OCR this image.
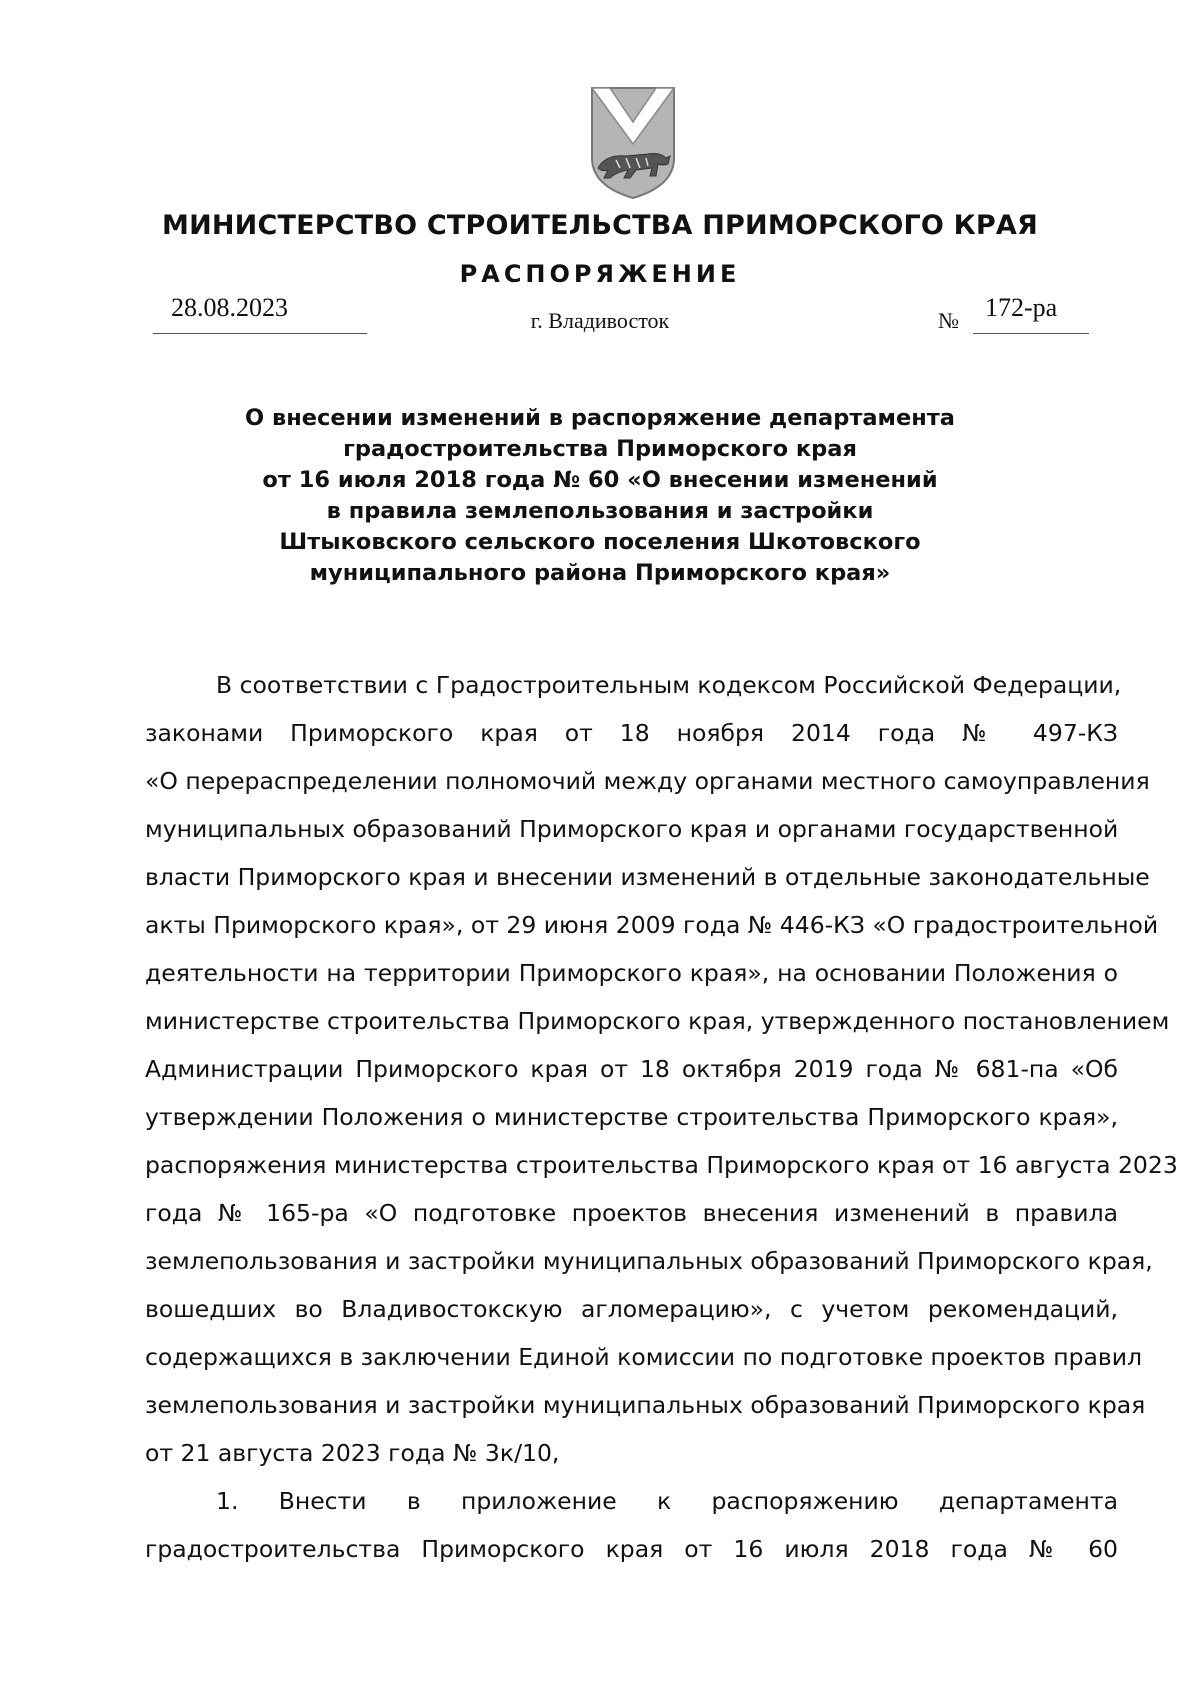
МИНИСТЕРСТВО СТРОИТЕЛЬСТВА ПРИМОРСКОГО КРАЯ
РАСПОРЯЖЕНИЕ
28.08.2023	г. Владивосток	№ 172-ра
О внесении изменений в распоряжение департамента
градостроительства Приморского края
от 16 июля 2018 года № 60 «О внесении изменений
в правила землепользования и застройки
Штыковского сельского поселения Шкотовского
муниципального района Приморского края»
В соответствии с Градостроительным кодексом Российской Федерации,
законами Приморского края от 18 ноября 2014 года № 497-КЗ
«О перераспределении полномочий между органами местного самоуправления
муниципальных образований Приморского края и органами государственной
власти Приморского края и внесении изменений в отдельные законодательные
акты Приморского края», от 29 июня 2009 года № 446-КЗ «О градостроительной
деятельности на территории Приморского края», на основании Положения о
министерстве строительства Приморского края, утвержденного постановлением
Администрации Приморского края от 18 октября 2019 года № 681-па «Об
утверждении Положения о министерстве строительства Приморского края»,
распоряжения министерства строительства Приморского края от 16 августа 2023
года № 165-ра «О подготовке проектов внесения изменений в правила
землепользования и застройки муниципальных образований Приморского края,
вошедших во Владивостокскую агломерацию», с учетом рекомендаций,
содержащихся в заключении Единой комиссии по подготовке проектов правил
землепользования и застройки муниципальных образований Приморского края
от 21 августа 2023 года № 3к/10,
1. Внести в приложение к распоряжению департамента
градостроительства Приморского края от 16 июля 2018 года № 60
